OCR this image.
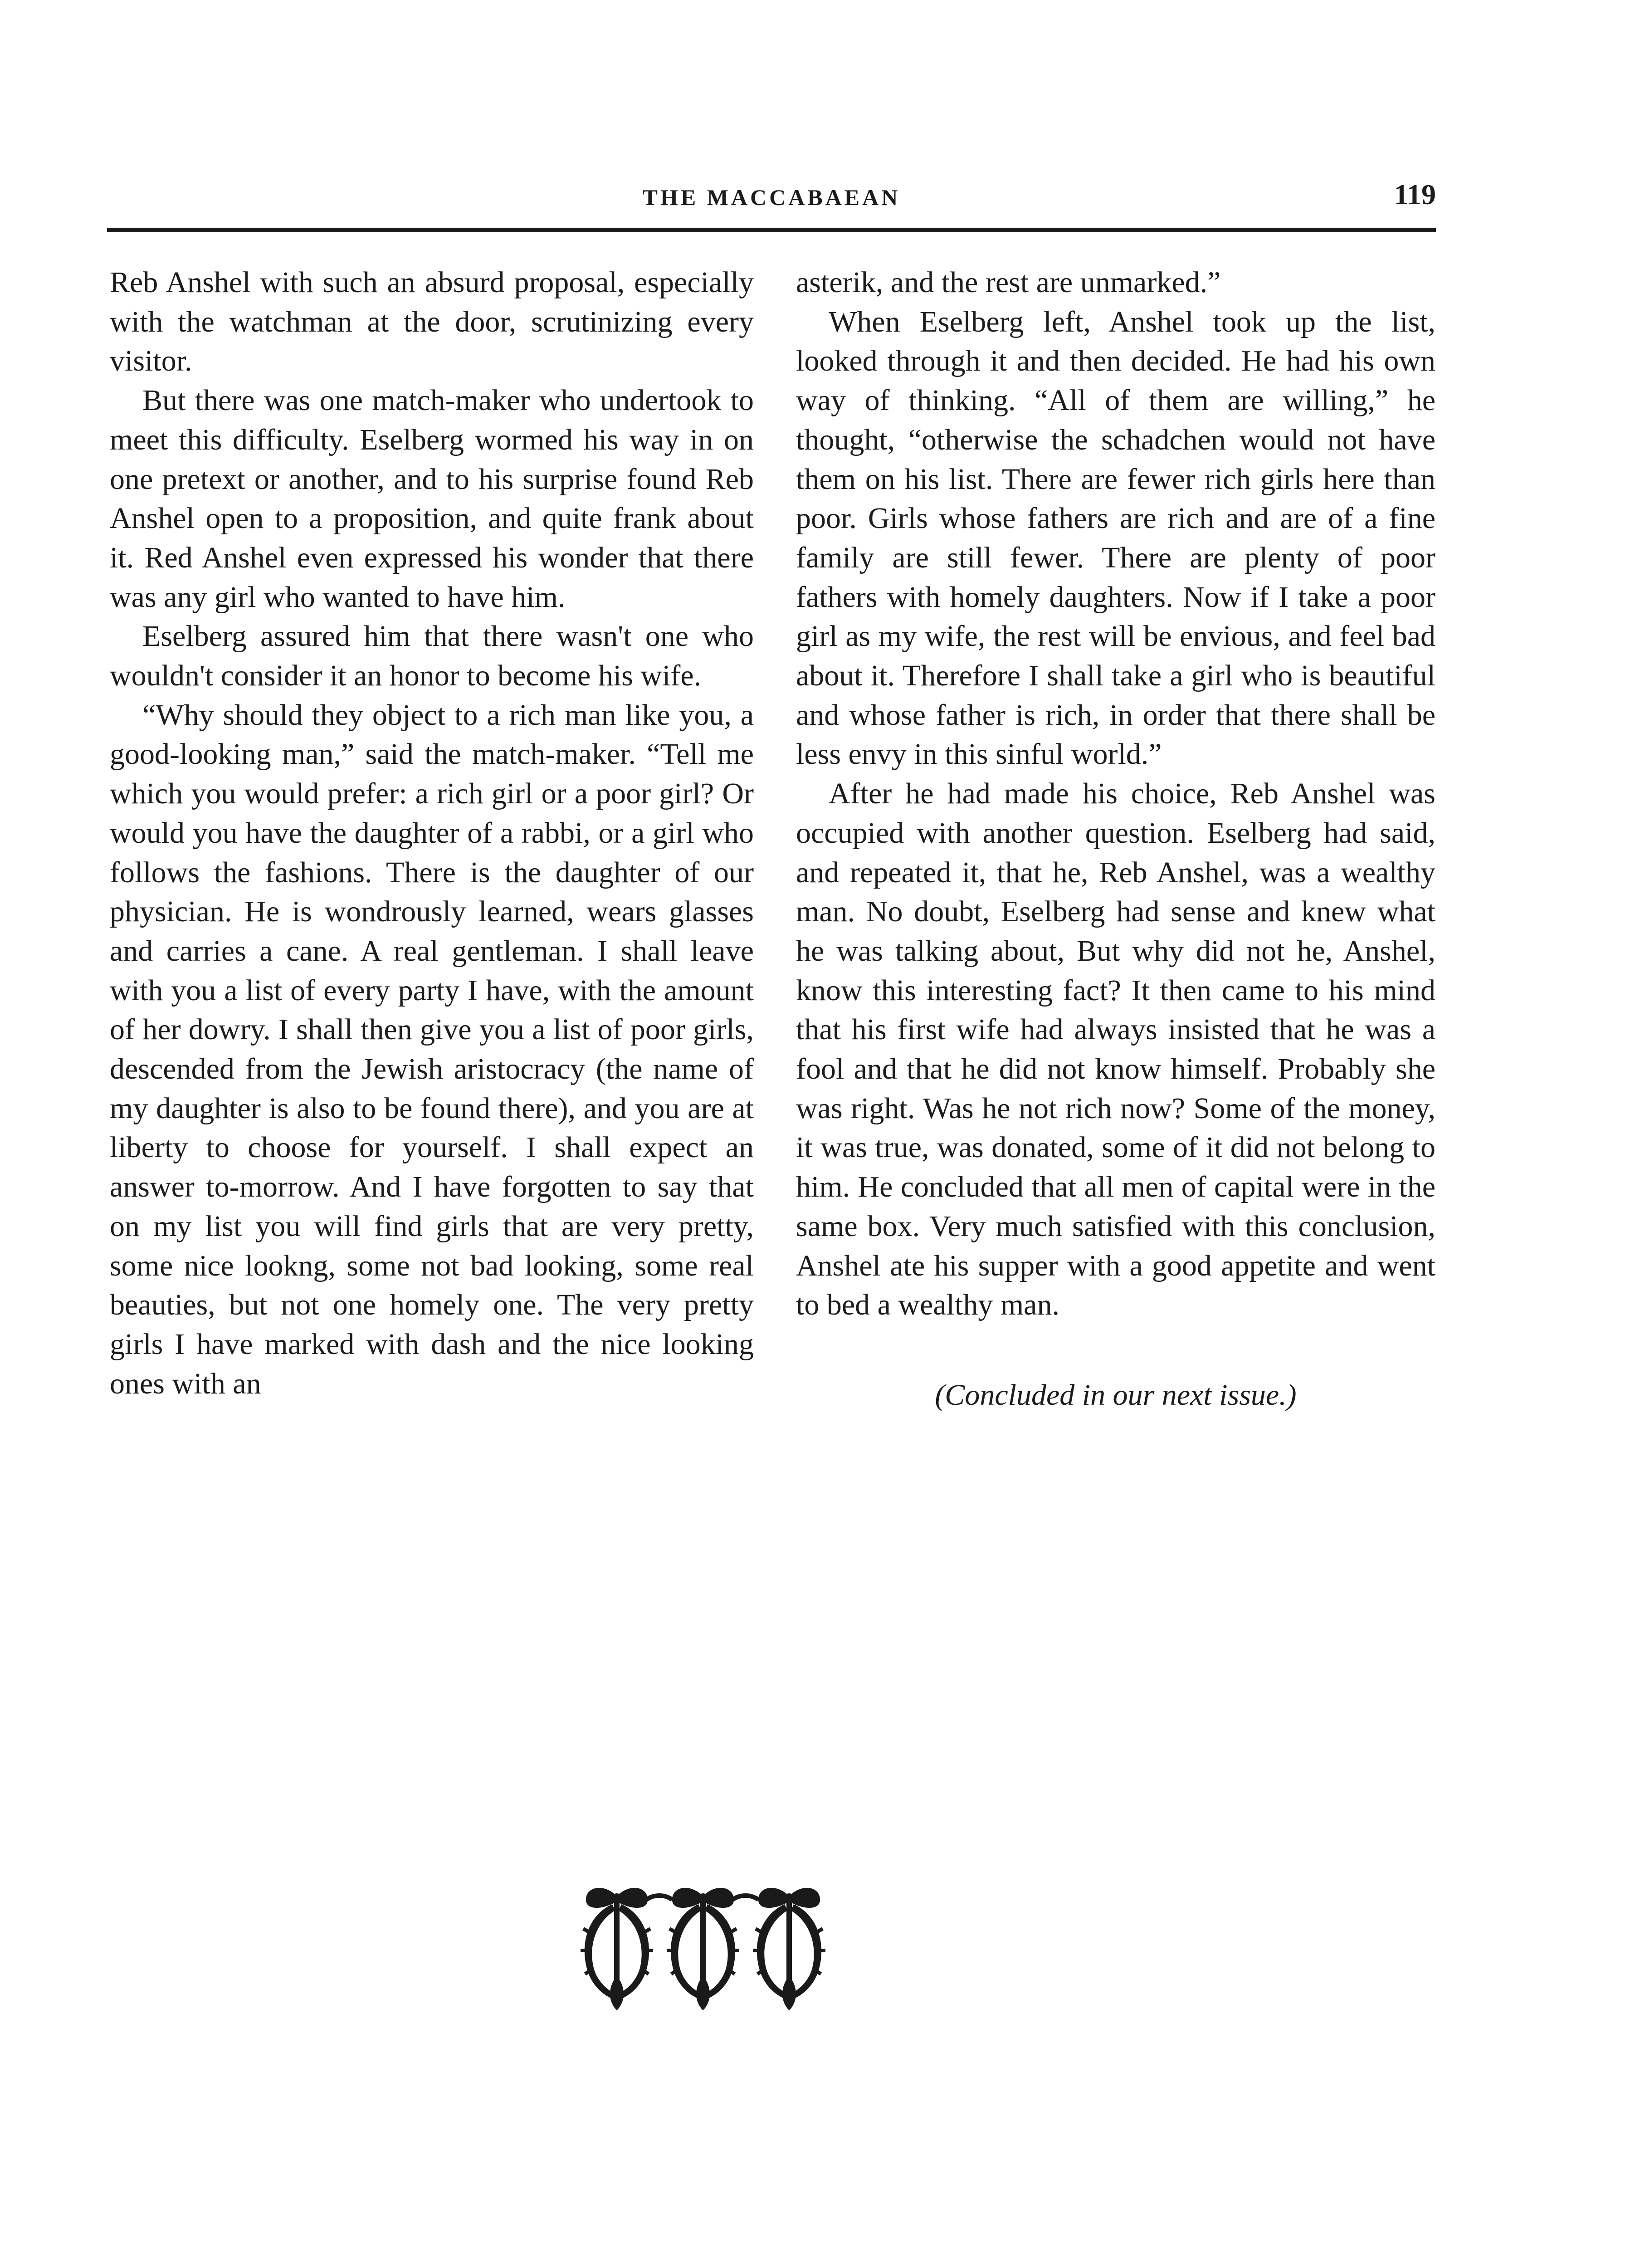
THE MACCABAEAN	119

Reb Anshel with such an absurd proposal, especially with the watchman at the door, scrutinizing every visitor.

But there was one match-maker who undertook to meet this difficulty. Eselberg wormed his way in on one pretext or another, and to his surprise found Reb Anshel open to a proposition, and quite frank about it. Red Anshel even expressed his wonder that there was any girl who wanted to have him.

Eselberg assured him that there wasn't one who wouldn't consider it an honor to become his wife.

“Why should they object to a rich man like you, a good-looking man,” said the match-maker. “Tell me which you would prefer: a rich girl or a poor girl? Or would you have the daughter of a rabbi, or a girl who follows the fashions. There is the daughter of our physician. He is wondrously learned, wears glasses and carries a cane. A real gentleman. I shall leave with you a list of every party I have, with the amount of her dowry. I shall then give you a list of poor girls, descended from the Jewish aristocracy (the name of my daughter is also to be found there), and you are at liberty to choose for yourself. I shall expect an answer to-morrow. And I have forgotten to say that on my list you will find girls that are very pretty, some nice lookng, some not bad looking, some real beauties, but not one homely one. The very pretty girls I have marked with dash and the nice looking ones with an

asterik, and the rest are unmarked.”

When Eselberg left, Anshel took up the list, looked through it and then decided. He had his own way of thinking. “All of them are willing,” he thought, “otherwise the schadchen would not have them on his list. There are fewer rich girls here than poor. Girls whose fathers are rich and are of a fine family are still fewer. There are plenty of poor fathers with homely daughters. Now if I take a poor girl as my wife, the rest will be envious, and feel bad about it. Therefore I shall take a girl who is beautiful and whose father is rich, in order that there shall be less envy in this sinful world.”

After he had made his choice, Reb Anshel was occupied with another question. Eselberg had said, and repeated it, that he, Reb Anshel, was a wealthy man. No doubt, Eselberg had sense and knew what he was talking about, But why did not he, Anshel, know this interesting fact? It then came to his mind that his first wife had always insisted that he was a fool and that he did not know himself. Probably she was right. Was he not rich now? Some of the money, it was true, was donated, some of it did not belong to him. He concluded that all men of capital were in the same box. Very much satisfied with this conclusion, Anshel ate his supper with a good appetite and went to bed a wealthy man.

(Concluded in our next issue.)
